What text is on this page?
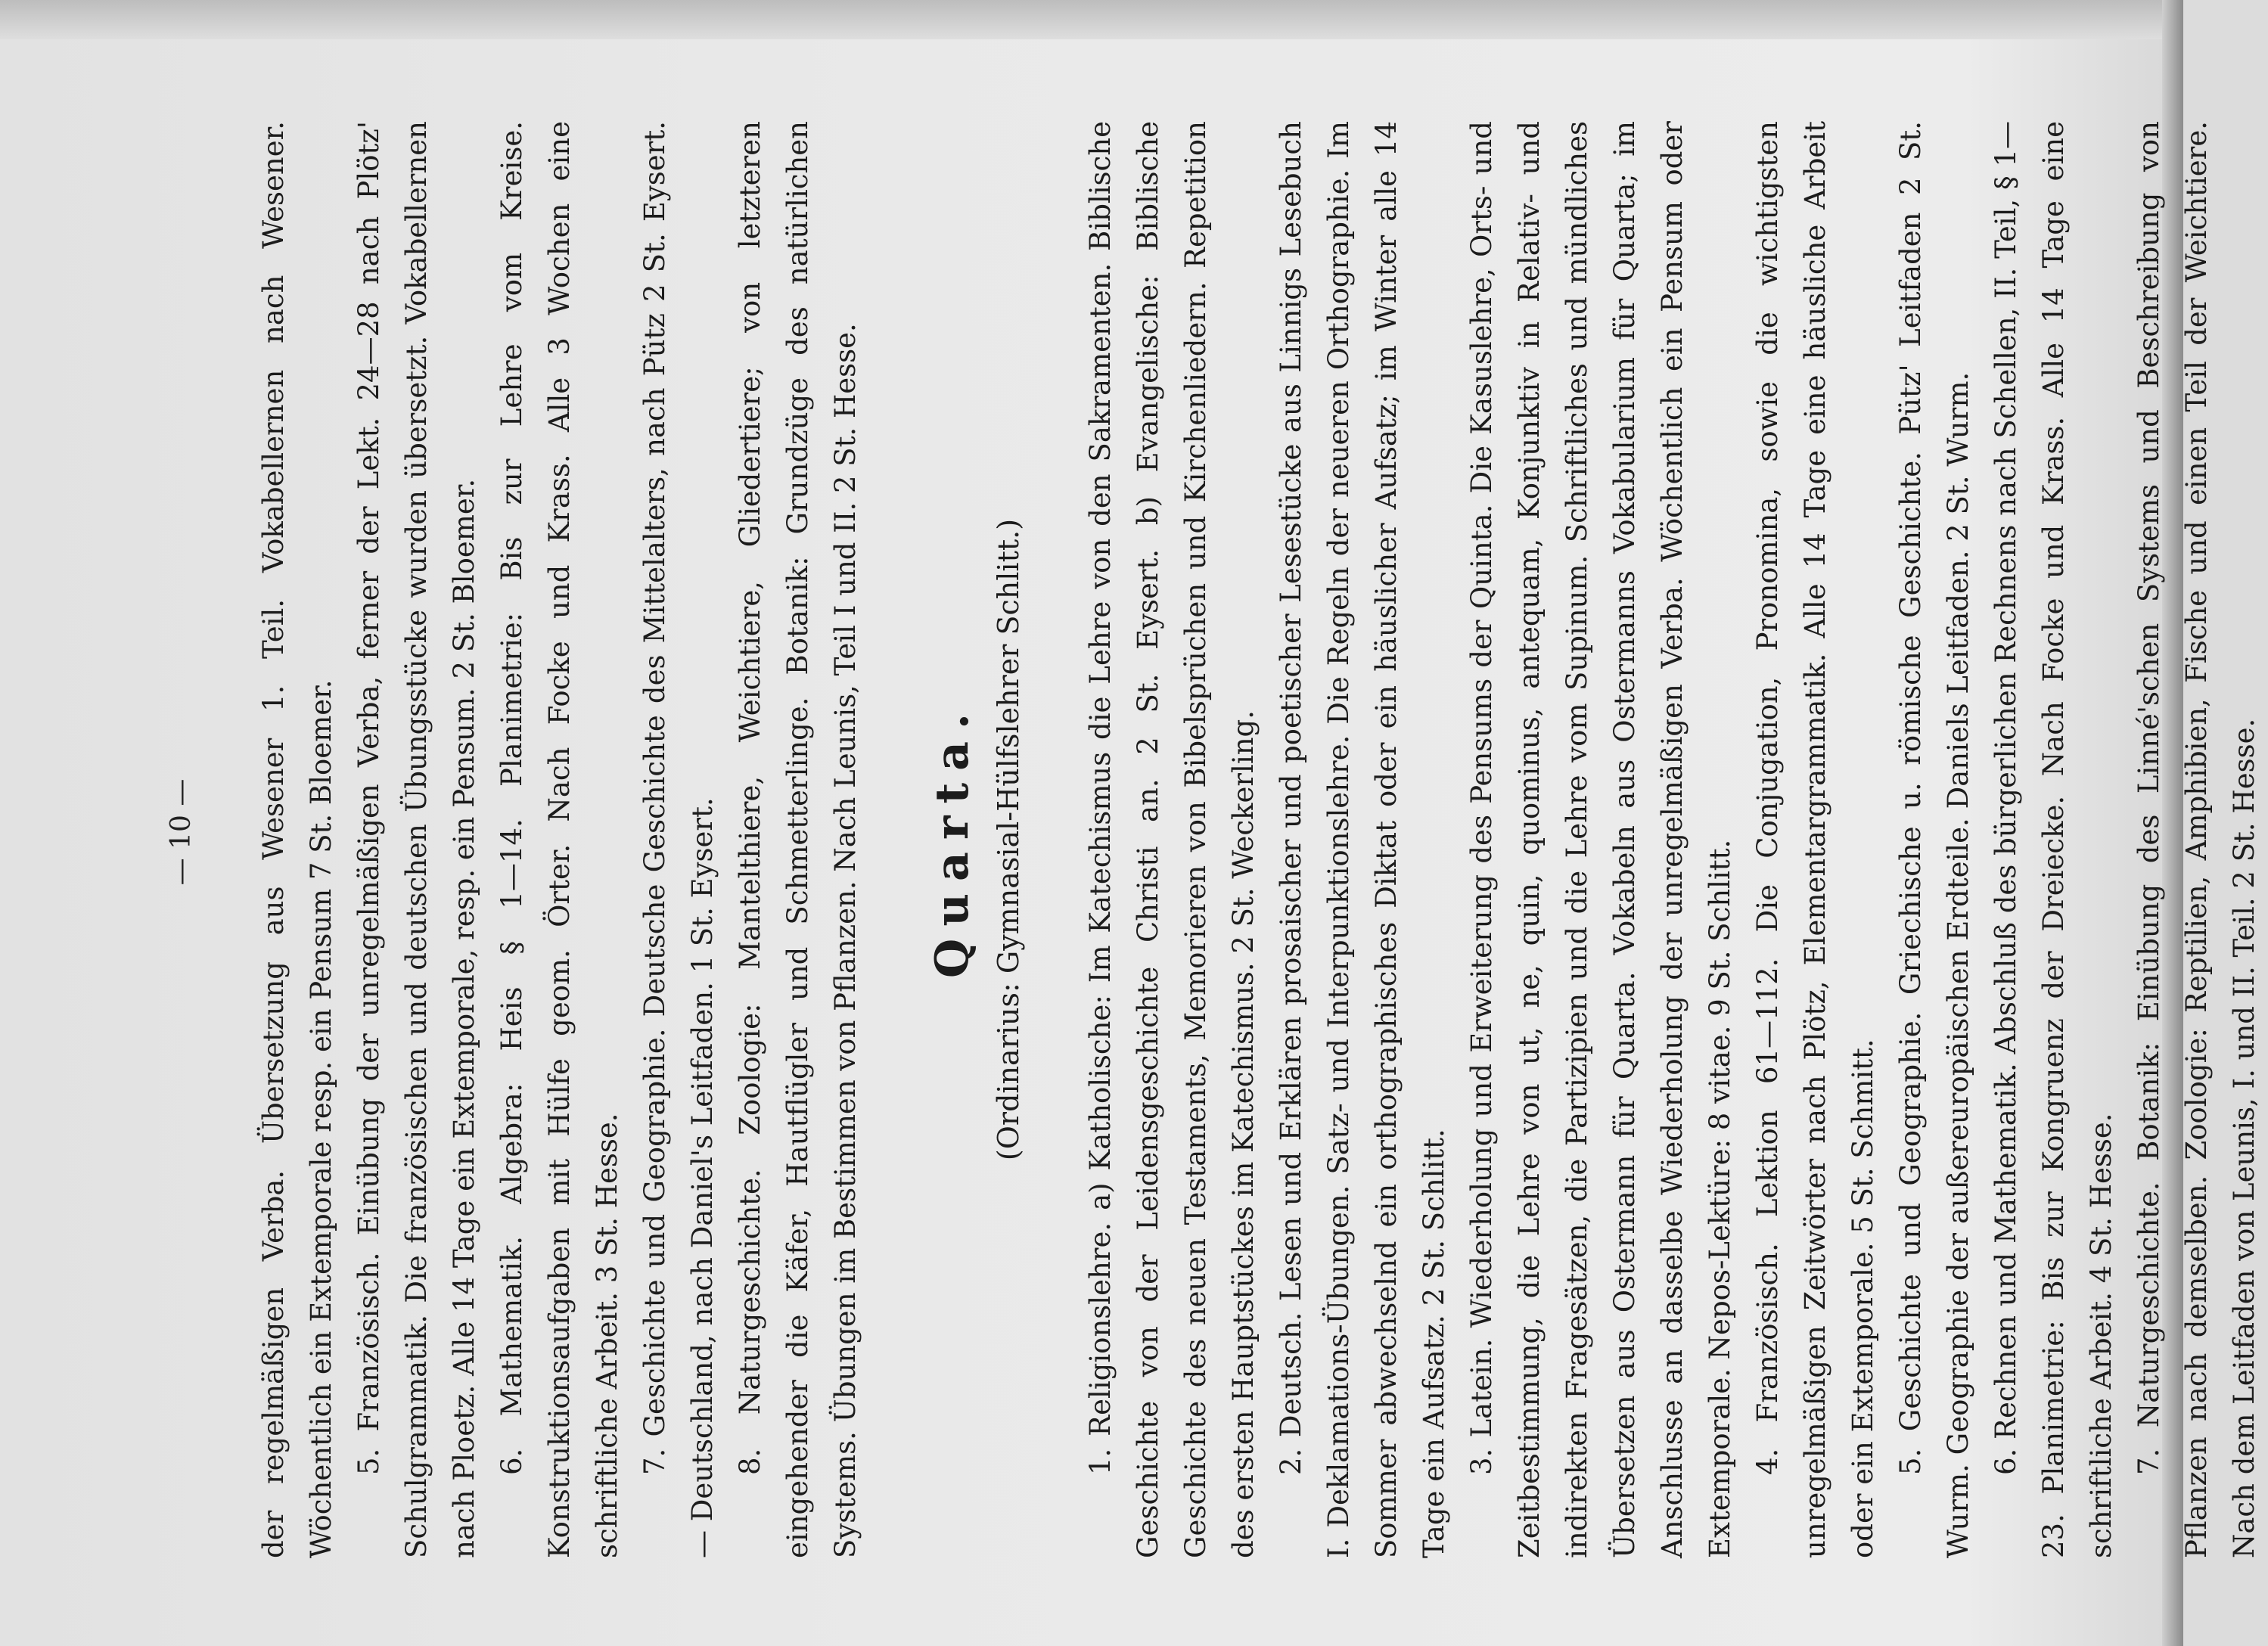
— 10 — der regelmäßigen Verba. Übersetzung aus Wesener 1. Teil. Vokabellernen nach Wesener. Wöchentlich ein Extemporale resp. ein Pensum 7 St. Bloemer. 5. Französisch. Einübung der unregelmäßigen Verba, ferner der Lekt. 24—28 nach Plötz' Schulgrammatik. Die französischen und deutschen Übungsstücke wurden übersetzt. Vokabellernen nach Ploetz. Alle 14 Tage ein Extemporale, resp. ein Pensum. 2 St. Bloemer. 6. Mathematik. Algebra: Heis § 1—14. Planimetrie: Bis zur Lehre vom Kreise. Konstruktionsaufgaben mit Hülfe geom. Örter. Nach Focke und Krass. Alle 3 Wochen eine schriftliche Arbeit. 3 St. Hesse. 7. Geschichte und Geographie. Deutsche Geschichte des Mittelalters, nach Pütz 2 St. Eysert. — Deutschland, nach Daniel's Leitfaden. 1 St. Eysert. 8. Naturgeschichte. Zoologie: Mantelthiere, Weichtiere, Gliedertiere; von letzteren eingehender die Käfer, Hautflügler und Schmetterlinge. Botanik: Grundzüge des natürlichen Systems. Übungen im Bestimmen von Pflanzen. Nach Leunis, Teil I und II. 2 St. Hesse. Quarta. (Ordinarius: Gymnasial-Hülfslehrer Schlitt.) 1. Religionslehre. a) Katholische: Im Katechismus die Lehre von den Sakramenten. Biblische Geschichte von der Leidensgeschichte Christi an. 2 St. Eysert. b) Evangelische: Biblische Geschichte des neuen Testaments, Memorieren von Bibelsprüchen und Kirchenliedern. Repetition des ersten Hauptstückes im Katechismus. 2 St. Weckerling. 2. Deutsch. Lesen und Erklären prosaischer und poetischer Lesestücke aus Linnigs Lesebuch I. Deklamations-Übungen. Satz- und Interpunktionslehre. Die Regeln der neueren Orthographie. Im Sommer abwechselnd ein orthographisches Diktat oder ein häuslicher Aufsatz; im Winter alle 14 Tage ein Aufsatz. 2 St. Schlitt. 3. Latein. Wiederholung und Erweiterung des Pensums der Quinta. Die Kasuslehre, Orts- und Zeitbestimmung, die Lehre von ut, ne, quin, quominus, antequam, Konjunktiv in Relativ- und indirekten Fragesätzen, die Partizipien und die Lehre vom Supinum. Schriftliches und mündliches Übersetzen aus Ostermann für Quarta. Vokabeln aus Ostermanns Vokabularium für Quarta; im Anschlusse an dasselbe Wiederholung der unregelmäßigen Verba. Wöchentlich ein Pensum oder Extemporale. Nepos-Lektüre: 8 vitae. 9 St. Schlitt. 4. Französisch. Lektion 61—112. Die Conjugation, Pronomina, sowie die wichtigsten unregelmäßigen Zeitwörter nach Plötz, Elementargrammatik. Alle 14 Tage eine häusliche Arbeit oder ein Extemporale. 5 St. Schmitt. 5. Geschichte und Geographie. Griechische u. römische Geschichte. Pütz' Leitfaden 2 St. Wurm. Geographie der außereuropäischen Erdteile. Daniels Leitfaden. 2 St. Wurm. 6. Rechnen und Mathematik. Abschluß des bürgerlichen Rechnens nach Schellen, II. Teil, § 1—23. Planimetrie: Bis zur Kongruenz der Dreiecke. Nach Focke und Krass. Alle 14 Tage eine schriftliche Arbeit. 4 St. Hesse. 7. Naturgeschichte. Botanik: Einübung des Linné'schen Systems und Beschreibung von Pflanzen nach demselben. Zoologie: Reptilien, Amphibien, Fische und einen Teil der Weichtiere. Nach dem Leitfaden von Leunis, I. und II. Teil. 2 St. Hesse.
